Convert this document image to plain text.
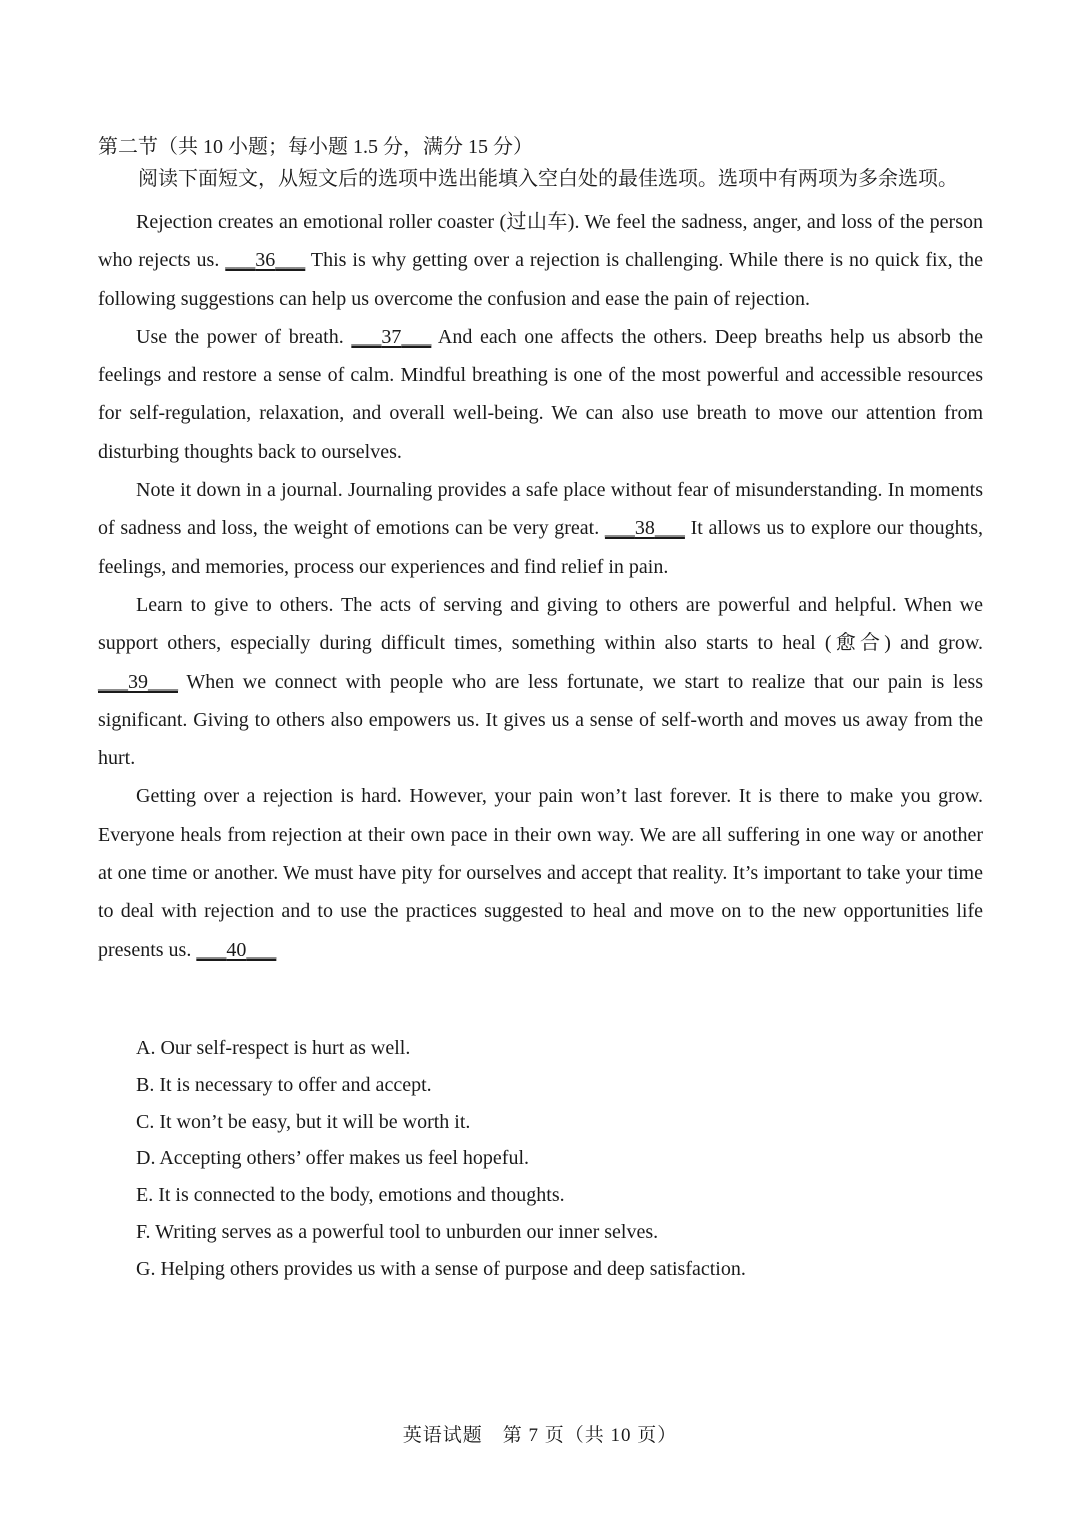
第二节（共 10 小题；每小题 1.5 分，满分 15 分）

阅读下面短文，从短文后的选项中选出能填入空白处的最佳选项。选项中有两项为多余选项。

Rejection creates an emotional roller coaster (过山车). We feel the sadness, anger, and loss of the person who rejects us. ___36___ This is why getting over a rejection is challenging. While there is no quick fix, the following suggestions can help us overcome the confusion and ease the pain of rejection.

Use the power of breath. ___37___ And each one affects the others. Deep breaths help us absorb the feelings and restore a sense of calm. Mindful breathing is one of the most powerful and accessible resources for self-regulation, relaxation, and overall well-being. We can also use breath to move our attention from disturbing thoughts back to ourselves.

Note it down in a journal. Journaling provides a safe place without fear of misunderstanding. In moments of sadness and loss, the weight of emotions can be very great. ___38___ It allows us to explore our thoughts, feelings, and memories, process our experiences and find relief in pain.

Learn to give to others. The acts of serving and giving to others are powerful and helpful. When we support others, especially during difficult times, something within also starts to heal (愈合) and grow. ___39___ When we connect with people who are less fortunate, we start to realize that our pain is less significant. Giving to others also empowers us. It gives us a sense of self-worth and moves us away from the hurt.

Getting over a rejection is hard. However, your pain won’t last forever. It is there to make you grow. Everyone heals from rejection at their own pace in their own way. We are all suffering in one way or another at one time or another. We must have pity for ourselves and accept that reality. It’s important to take your time to deal with rejection and to use the practices suggested to heal and move on to the new opportunities life presents us. ___40___

A. Our self-respect is hurt as well.
B. It is necessary to offer and accept.
C. It won’t be easy, but it will be worth it.
D. Accepting others’ offer makes us feel hopeful.
E. It is connected to the body, emotions and thoughts.
F. Writing serves as a powerful tool to unburden our inner selves.
G. Helping others provides us with a sense of purpose and deep satisfaction.
英语试题　第 7 页（共 10 页）
